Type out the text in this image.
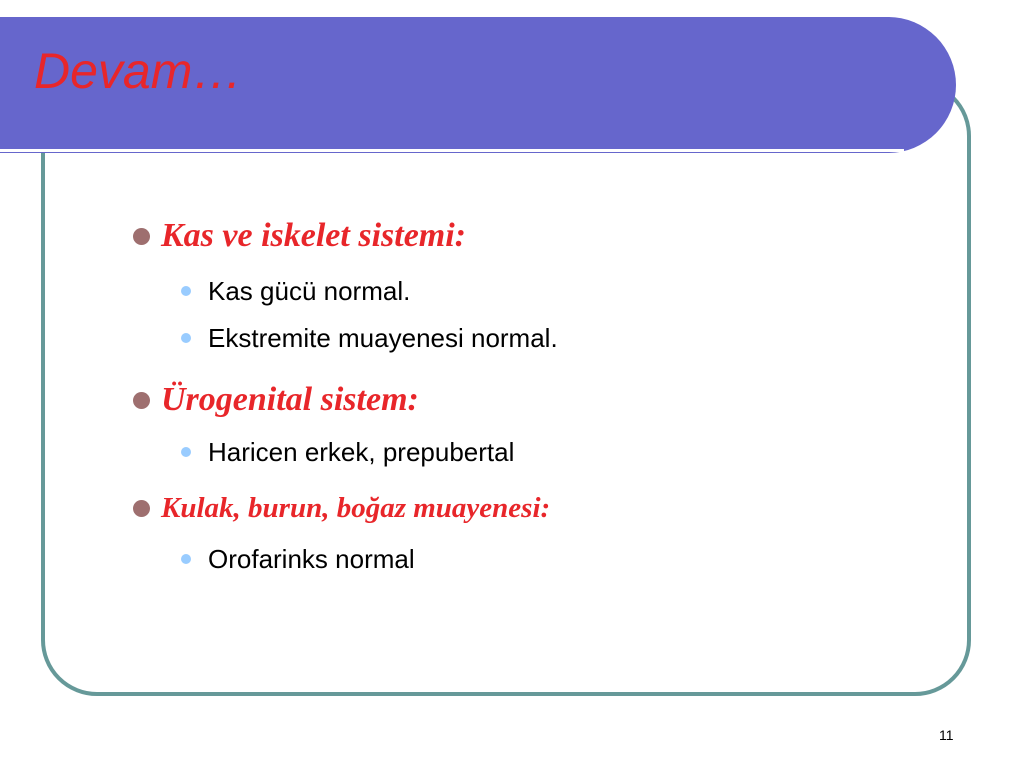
Devam…
Kas ve iskelet sistemi:
Kas gücü normal.
Ekstremite muayenesi normal.
Ürogenital sistem:
Haricen erkek, prepubertal
Kulak, burun, boğaz muayenesi:
Orofarinks normal
11
